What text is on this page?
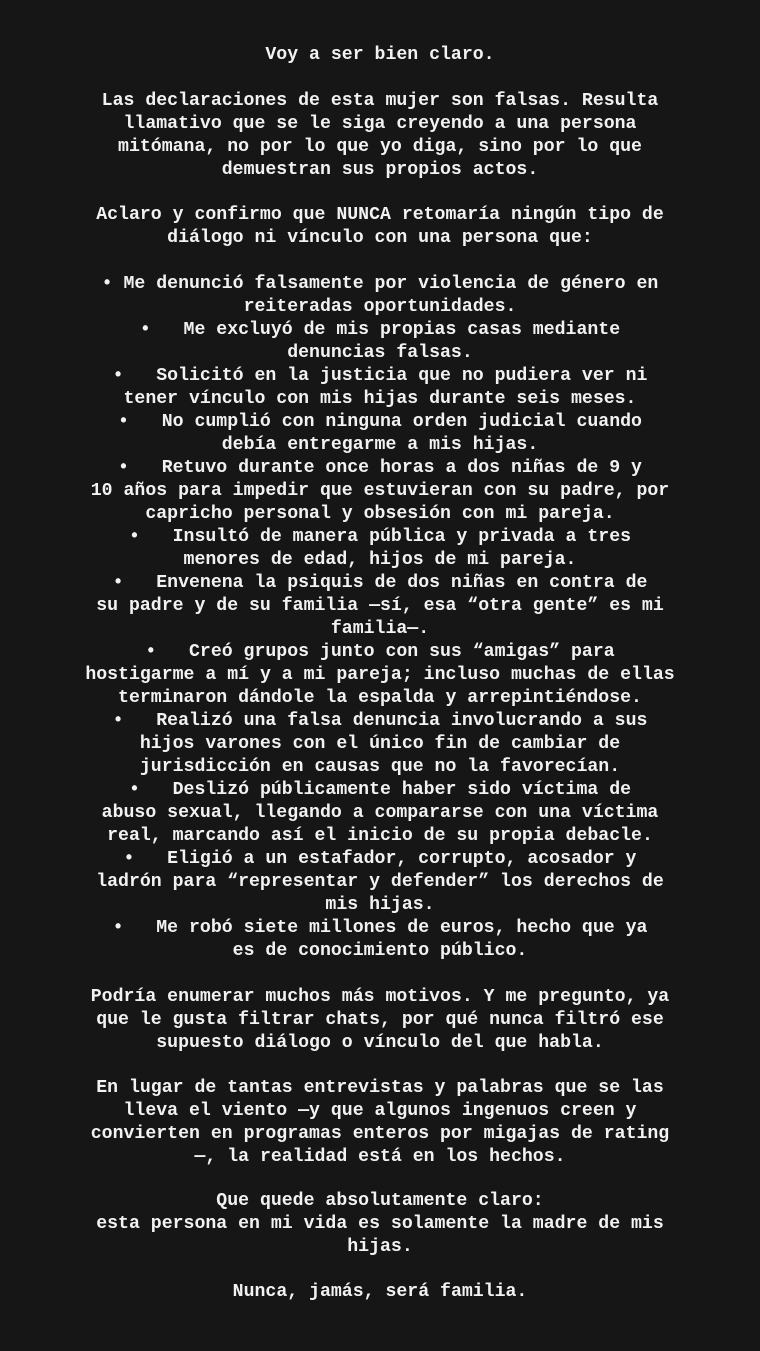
Voy a ser bien claro.
Las declaraciones de esta mujer son falsas. Resulta
llamativo que se le siga creyendo a una persona
mitómana, no por lo que yo diga, sino por lo que
demuestran sus propios actos.
Aclaro y confirmo que NUNCA retomaría ningún tipo de
diálogo ni vínculo con una persona que:
• Me denunció falsamente por violencia de género en
reiteradas oportunidades.
•   Me excluyó de mis propias casas mediante
denuncias falsas.
•   Solicitó en la justicia que no pudiera ver ni
tener vínculo con mis hijas durante seis meses.
•   No cumplió con ninguna orden judicial cuando
debía entregarme a mis hijas.
•   Retuvo durante once horas a dos niñas de 9 y
10 años para impedir que estuvieran con su padre, por
capricho personal y obsesión con mi pareja.
•   Insultó de manera pública y privada a tres
menores de edad, hijos de mi pareja.
•   Envenena la psiquis de dos niñas en contra de
su padre y de su familia —sí, esa “otra gente” es mi
familia—.
•   Creó grupos junto con sus “amigas” para
hostigarme a mí y a mi pareja; incluso muchas de ellas
terminaron dándole la espalda y arrepintiéndose.
•   Realizó una falsa denuncia involucrando a sus
hijos varones con el único fin de cambiar de
jurisdicción en causas que no la favorecían.
•   Deslizó públicamente haber sido víctima de
abuso sexual, llegando a compararse con una víctima
real, marcando así el inicio de su propia debacle.
•   Eligió a un estafador, corrupto, acosador y
ladrón para “representar y defender” los derechos de
mis hijas.
•   Me robó siete millones de euros, hecho que ya
es de conocimiento público.
Podría enumerar muchos más motivos. Y me pregunto, ya
que le gusta filtrar chats, por qué nunca filtró ese
supuesto diálogo o vínculo del que habla.
En lugar de tantas entrevistas y palabras que se las
lleva el viento —y que algunos ingenuos creen y
convierten en programas enteros por migajas de rating
—, la realidad está en los hechos.
Que quede absolutamente claro:
esta persona en mi vida es solamente la madre de mis
hijas.
Nunca, jamás, será familia.
